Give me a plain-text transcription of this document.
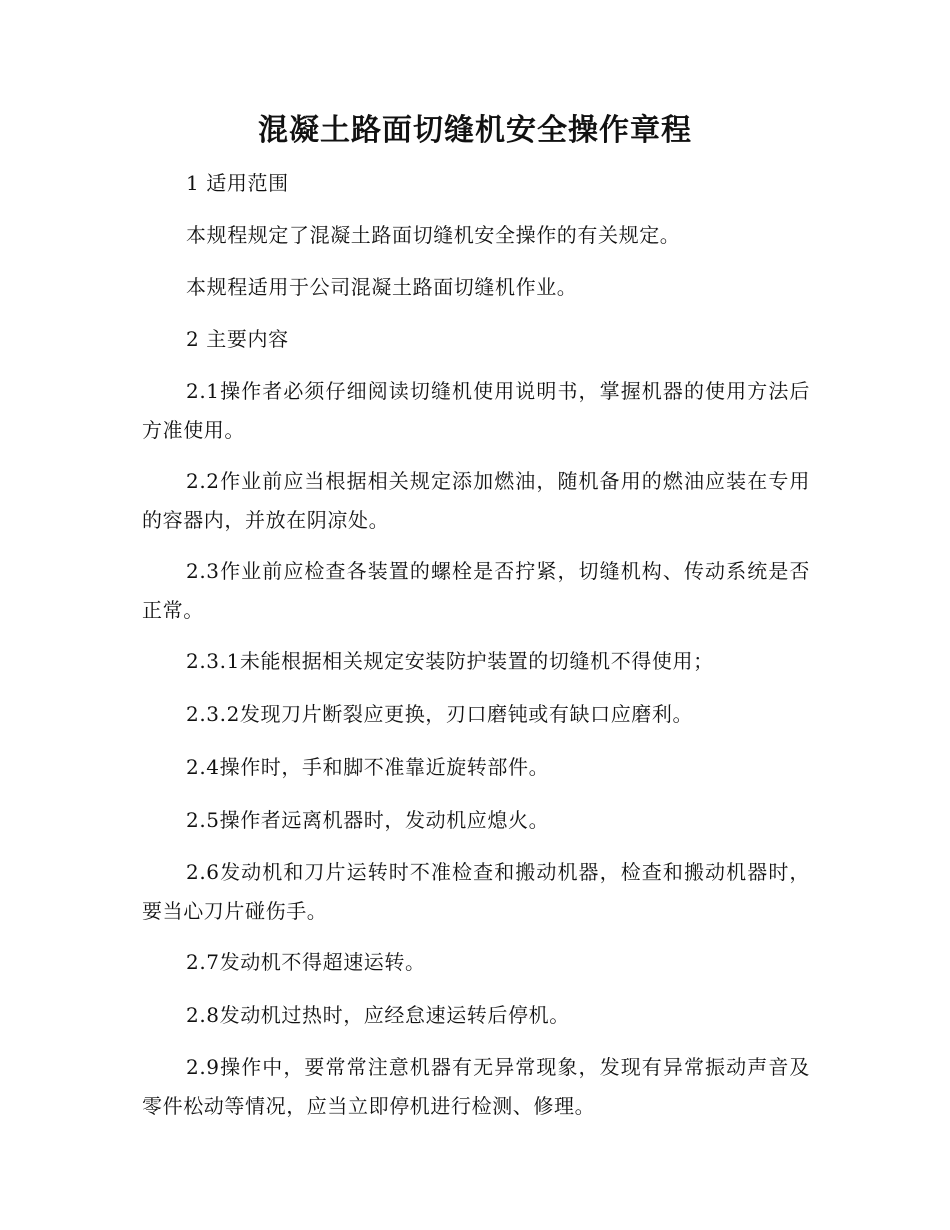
混凝土路面切缝机安全操作章程

1 适用范围

本规程规定了混凝土路面切缝机安全操作的有关规定。

本规程适用于公司混凝土路面切缝机作业。

2 主要内容

2.1操作者必须仔细阅读切缝机使用说明书，掌握机器的使用方法后方准使用。

2.2作业前应当根据相关规定添加燃油，随机备用的燃油应装在专用的容器内，并放在阴凉处。

2.3作业前应检查各装置的螺栓是否拧紧，切缝机构、传动系统是否正常。

2.3.1未能根据相关规定安装防护装置的切缝机不得使用；

2.3.2发现刀片断裂应更换，刃口磨钝或有缺口应磨利。

2.4操作时，手和脚不准靠近旋转部件。

2.5操作者远离机器时，发动机应熄火。

2.6发动机和刀片运转时不准检查和搬动机器，检查和搬动机器时，要当心刀片碰伤手。

2.7发动机不得超速运转。

2.8发动机过热时，应经怠速运转后停机。

2.9操作中，要常常注意机器有无异常现象，发现有异常振动声音及零件松动等情况，应当立即停机进行检测、修理。
